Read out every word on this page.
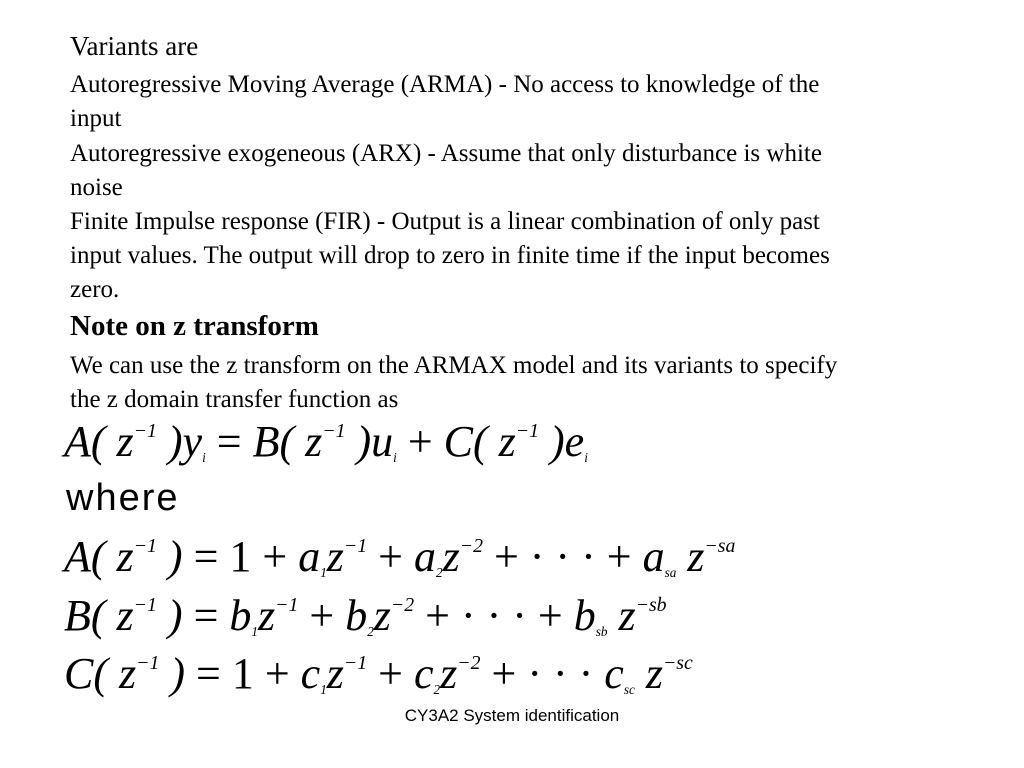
Variants are
Autoregressive Moving Average (ARMA) - No access to knowledge of the
input
Autoregressive exogeneous (ARX) - Assume that only disturbance is white
noise
Finite Impulse response (FIR) - Output is a linear combination of only past
input values. The output will drop to zero in finite time if the input becomes
zero.
Note on z transform
We can use the z transform on the ARMAX model and its variants to specify
the z domain transfer function as
A( $z^{-1}$ )yi = B( $z^{-1}$ )ui + C( $z^{-1}$ )ei
where
A( $z^{-1}$ ) = $1 + a1z^{-1} + a2z^{-2}$ + · · · + asa $z^{-sa}$
B( $z^{-1}$ ) = $b1z^{-1} + b2z^{-2}$ + · · · + bsb $z^{-sb}$
C( $z^{-1}$ ) = $1 + c1z^{-1} + c2z^{-2}$ + · · · $\csc z^{-sc}$
CY3A2 System identification
